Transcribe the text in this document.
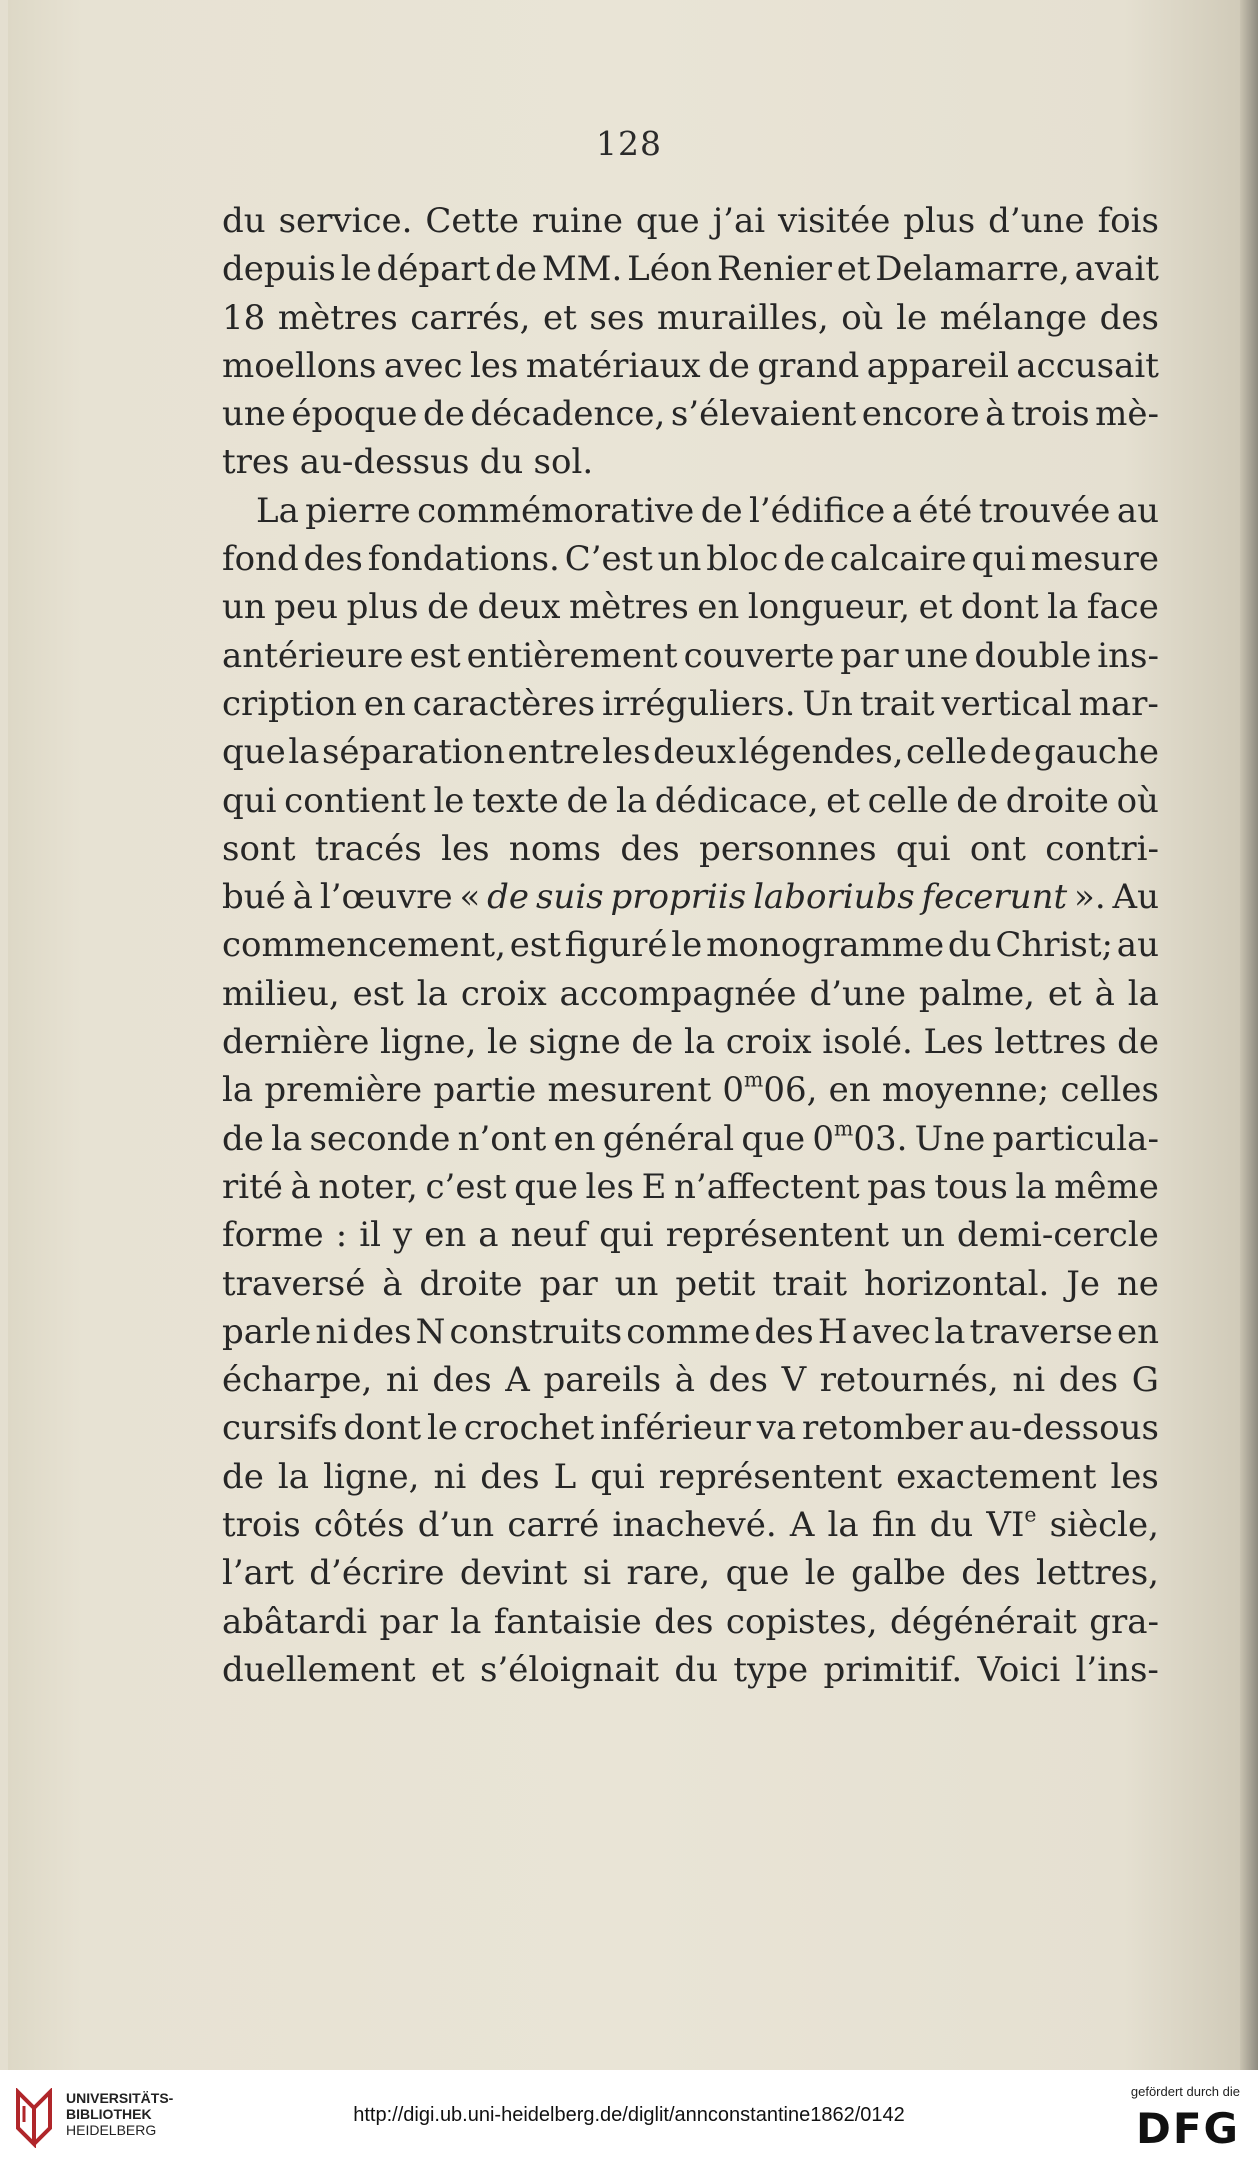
128
du service. Cette ruine que j’ai visitée plus d’une fois
depuis le départ de MM. Léon Renier et Delamarre, avait
18 mètres carrés, et ses murailles, où le mélange des
moellons avec les matériaux de grand appareil accusait
une époque de décadence, s’élevaient encore à trois mè-
tres au-dessus du sol.
La pierre commémorative de l’édifice a été trouvée au
fond des fondations. C’est un bloc de calcaire qui mesure
un peu plus de deux mètres en longueur, et dont la face
antérieure est entièrement couverte par une double ins-
cription en caractères irréguliers. Un trait vertical mar-
que la séparation entre les deux légendes, celle de gauche
qui contient le texte de la dédicace, et celle de droite où
sont tracés les noms des personnes qui ont contri-
bué à l’œuvre « de suis propriis laboriubs fecerunt ». Au
commencement, est figuré le monogramme du Christ; au
milieu, est la croix accompagnée d’une palme, et à la
dernière ligne, le signe de la croix isolé. Les lettres de
la première partie mesurent 0$^m$06, en moyenne; celles
de la seconde n’ont en général que 0$^m$03. Une particula-
rité à noter, c’est que les E n’affectent pas tous la même
forme : il y en a neuf qui représentent un demi-cercle
traversé à droite par un petit trait horizontal. Je ne
parle ni des N construits comme des H avec la traverse en
écharpe, ni des A pareils à des V retournés, ni des G
cursifs dont le crochet inférieur va retomber au-dessous
de la ligne, ni des L qui représentent exactement les
trois côtés d’un carré inachevé. A la fin du VIe siècle,
l’art d’écrire devint si rare, que le galbe des lettres,
abâtardi par la fantaisie des copistes, dégénérait gra-
duellement et s’éloignait du type primitif. Voici l’ins-
UNIVERSITÄTS-
BIBLIOTHEK
HEIDELBERG
http://digi.ub.uni-heidelberg.de/diglit/annconstantine1862/0142
gefördert durch die
DFG
